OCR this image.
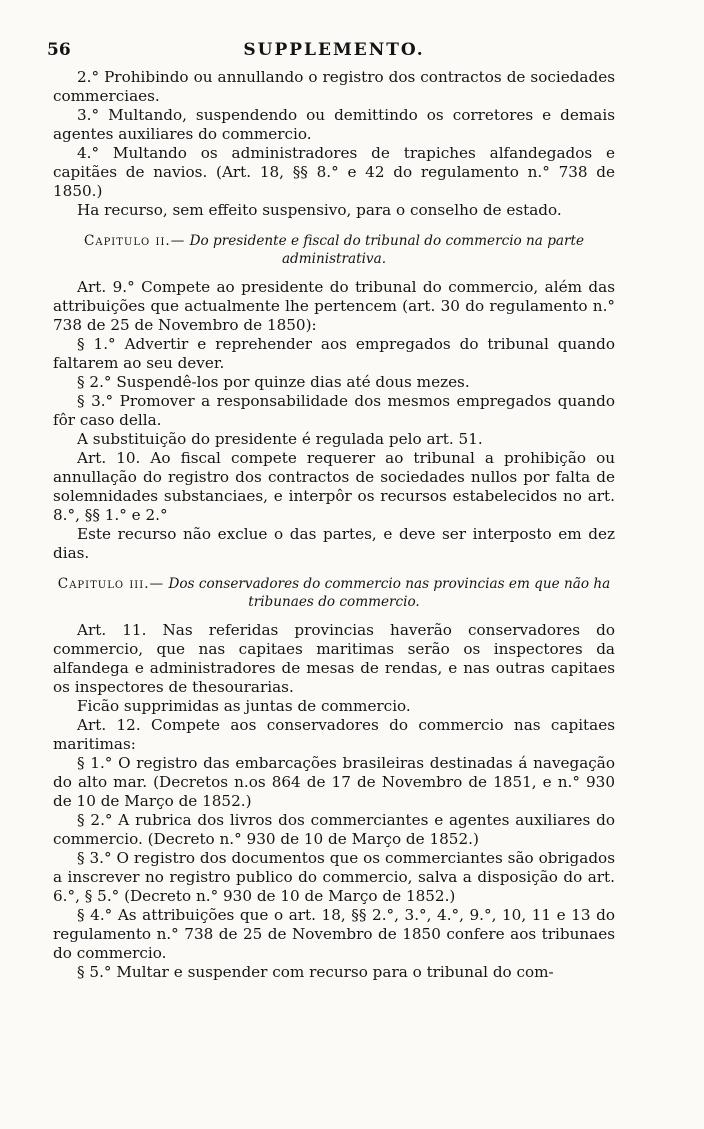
56	SUPPLEMENTO.

2.° Prohibindo ou annullando o registro dos contractos de sociedades commerciaes.

3.° Multando, suspendendo ou demittindo os corretores e demais agentes auxiliares do commercio.

4.° Multando os administradores de trapiches alfandegados e capitães de navios. (Art. 18, §§ 8.° e 42 do regulamento n.° 738 de 1850.)

Ha recurso, sem effeito suspensivo, para o conselho de estado.

Capitulo ii.— Do presidente e fiscal do tribunal do commercio na parte administrativa.

Art. 9.° Compete ao presidente do tribunal do commercio, além das attribuições que actualmente lhe pertencem (art. 30 do regulamento n.° 738 de 25 de Novembro de 1850):

§ 1.° Advertir e reprehender aos empregados do tribunal quando faltarem ao seu dever.

§ 2.° Suspendê-los por quinze dias até dous mezes.

§ 3.° Promover a responsabilidade dos mesmos empregados quando fôr caso della.

A substituição do presidente é regulada pelo art. 51.

Art. 10. Ao fiscal compete requerer ao tribunal a prohibição ou annullação do registro dos contractos de sociedades nullos por falta de solemnidades substanciaes, e interpôr os recursos estabelecidos no art. 8.°, §§ 1.° e 2.°

Este recurso não exclue o das partes, e deve ser interposto em dez dias.

Capitulo iii.— Dos conservadores do commercio nas provincias em que não ha tribunaes do commercio.

Art. 11. Nas referidas provincias haverão conservadores do commercio, que nas capitaes maritimas serão os inspectores da alfandega e administradores de mesas de rendas, e nas outras capitaes os inspectores de thesourarias.

Ficão supprimidas as juntas de commercio.

Art. 12. Compete aos conservadores do commercio nas capitaes maritimas:

§ 1.° O registro das embarcações brasileiras destinadas á navegação do alto mar. (Decretos n.os 864 de 17 de Novembro de 1851, e n.° 930 de 10 de Março de 1852.)

§ 2.° A rubrica dos livros dos commerciantes e agentes auxiliares do commercio. (Decreto n.° 930 de 10 de Março de 1852.)

§ 3.° O registro dos documentos que os commerciantes são obrigados a inscrever no registro publico do commercio, salva a disposição do art. 6.°, § 5.° (Decreto n.° 930 de 10 de Março de 1852.)

§ 4.° As attribuições que o art. 18, §§ 2.°, 3.°, 4.°, 9.°, 10, 11 e 13 do regulamento n.° 738 de 25 de Novembro de 1850 confere aos tribunaes do commercio.

§ 5.° Multar e suspender com recurso para o tribunal do com-
